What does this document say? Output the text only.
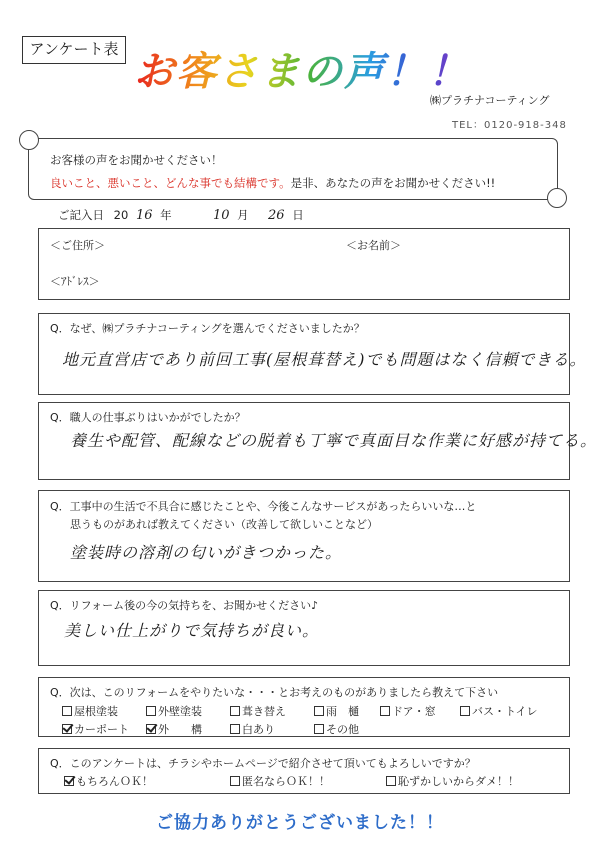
アンケート表 お客さまの声！！
㈱プラチナコーティング
TEL：0120-918-348
お客様の声をお聞かせください！
良いこと、悪いこと、どんな事でも結構です。是非、あなたの声をお聞かせください!!
ご記入日 20 16 年	10 月 26 日
＜ご住所＞	＜お名前＞
＜ｱﾄﾞﾚｽ＞
Q．なぜ、㈱プラチナコーティングを選んでくださいましたか？
地元直営店であり前回工事(屋根葺替え)でも問題はなく信頼できる。
Q．職人の仕事ぶりはいかがでしたか？
養生や配管、配線などの脱着も丁寧で真面目な作業に好感が持てる。
Q．工事中の生活で不具合に感じたことや、今後こんなサービスがあったらいいな…と
思うものがあれば教えてください（改善して欲しいことなど）
塗装時の溶剤の匂いがきつかった。
Q．リフォーム後の今の気持ちを、お聞かせください♪
美しい仕上がりで気持ちが良い。
Q．次は、このリフォームをやりたいな・・・とお考えのものがありましたら教えて下さい
屋根塗装	外壁塗装	葺き替え	雨　樋	ドア・窓	バス・トイレ
カーポート	外　　構	白あり	その他
Q．このアンケートは、チラシやホームページで紹介させて頂いてもよろしいですか？
もちろんＯＫ！	匿名ならＯＫ！！	恥ずかしいからダメ！！
ご協力ありがとうございました！！
